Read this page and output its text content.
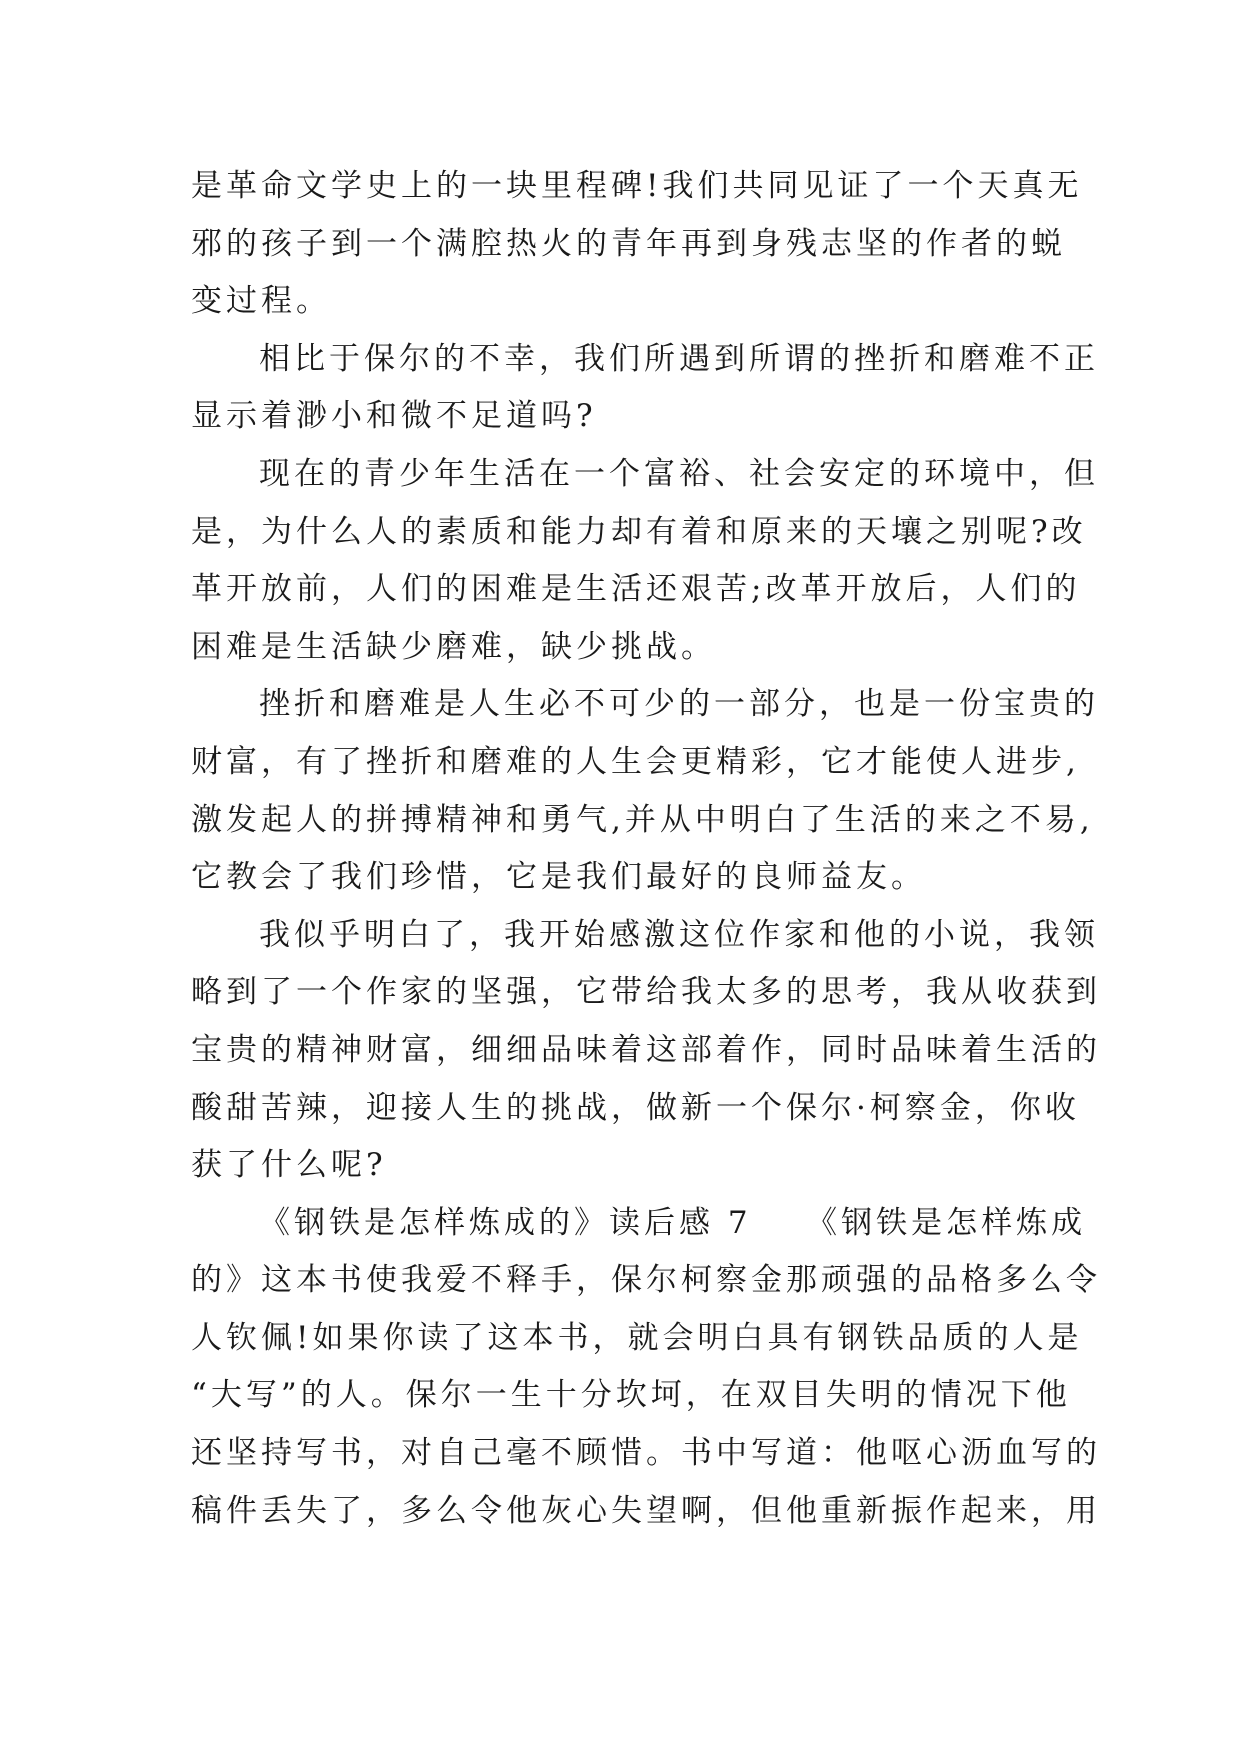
是革命文学史上的一块里程碑!我们共同见证了一个天真无
邪的孩子到一个满腔热火的青年再到身残志坚的作者的蜕
变过程。
相比于保尔的不幸，我们所遇到所谓的挫折和磨难不正
显示着渺小和微不足道吗?
现在的青少年生活在一个富裕、社会安定的环境中，但
是，为什么人的素质和能力却有着和原来的天壤之别呢?改
革开放前，人们的困难是生活还艰苦;改革开放后，人们的
困难是生活缺少磨难，缺少挑战。
挫折和磨难是人生必不可少的一部分，也是一份宝贵的
财富，有了挫折和磨难的人生会更精彩，它才能使人进步,
激发起人的拼搏精神和勇气,并从中明白了生活的来之不易,
它教会了我们珍惜，它是我们最好的良师益友。
我似乎明白了，我开始感激这位作家和他的小说，我领
略到了一个作家的坚强，它带给我太多的思考，我从收获到
宝贵的精神财富，细细品味着这部着作，同时品味着生活的
酸甜苦辣，迎接人生的挑战，做新一个保尔·柯察金，你收
获了什么呢?
《钢铁是怎样炼成的》读后感 7　　《钢铁是怎样炼成
的》这本书使我爱不释手，保尔柯察金那顽强的品格多么令
人钦佩!如果你读了这本书，就会明白具有钢铁品质的人是
“大写”的人。保尔一生十分坎坷，在双目失明的情况下他
还坚持写书，对自己毫不顾惜。书中写道：他呕心沥血写的
稿件丢失了，多么令他灰心失望啊，但他重新振作起来，用
